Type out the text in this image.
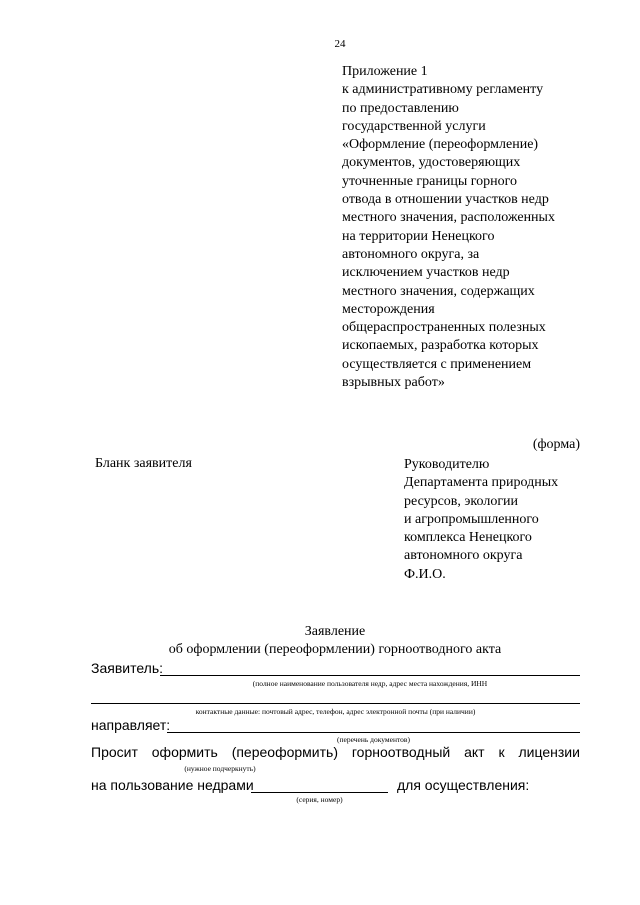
24
Приложение 1
к административному регламенту
по предоставлению
государственной услуги
«Оформление (переоформление)
документов, удостоверяющих
уточненные границы горного
отвода в отношении участков недр
местного значения, расположенных
на территории Ненецкого
автономного округа, за
исключением участков недр
местного значения, содержащих
месторождения
общераспространенных полезных
ископаемых, разработка которых
осуществляется с применением
взрывных работ»
(форма)
Бланк заявителя	Руководителю
Департамента природных
ресурсов, экологии
и агропромышленного
комплекса Ненецкого
автономного округа
Ф.И.О.
Заявление
об оформлении (переоформлении) горноотводного акта
Заявитель:
(полное наименование пользователя недр, адрес места нахождения, ИНН
контактные данные: почтовый адрес, телефон, адрес электронной почты (при наличии)
направляет:
(перечень документов)
Просит оформить (переоформить) горноотводный акт к лицензии
(нужное подчеркнуть)
на пользование недрами	для осуществления:
(серия, номер)
